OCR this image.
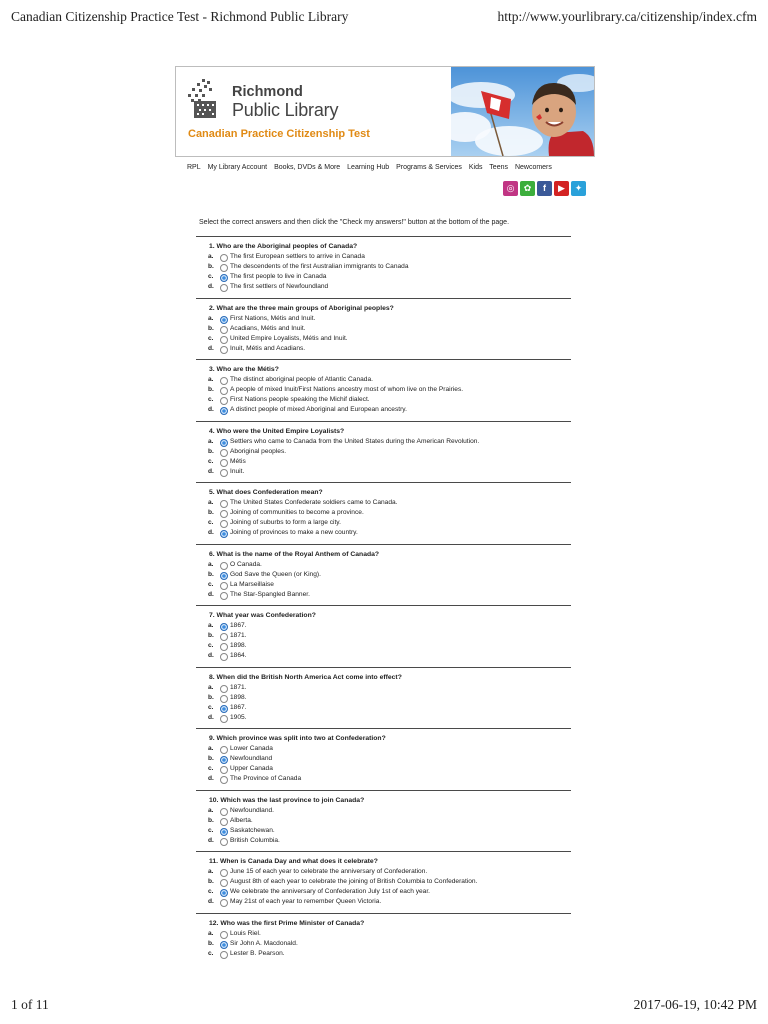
Canadian Citizenship Practice Test - Richmond Public Library	http://www.yourlibrary.ca/citizenship/index.cfm
Richmond
Public Library
Canadian Practice Citizenship Test
RPL My Library Account Books, DVDs & More Learning Hub Programs & Services Kids Teens Newcomers
◎ ✿ f ▶ ✦
Select the correct answers and then click the "Check my answers!" button at the bottom of the page.
1. Who are the Aboriginal peoples of Canada?
a.	The first European settlers to arrive in Canada
b. The descendents of the first Australian immigrants to Canada
c.	The first people to live in Canada
d. The first settlers of Newfoundland
2. What are the three main groups of Aboriginal peoples?
a.	First Nations, Métis and Inuit.
b. Acadians, Métis and Inuit.
c.	United Empire Loyalists, Métis and Inuit.
d. Inuit, Métis and Acadians.
3. Who are the Métis?
a.	The distinct aboriginal people of Atlantic Canada.
b. A people of mixed Inuit/First Nations ancestry most of whom live on the Prairies.
c.	First Nations people speaking the Michif dialect.
d. A distinct people of mixed Aboriginal and European ancestry.
4. Who were the United Empire Loyalists?
a.	Settlers who came to Canada from the United States during the American Revolution.
b. Aboriginal peoples.
c.	Métis
d. Inuit.
5. What does Confederation mean?
a.	The United States Confederate soldiers came to Canada.
b. Joining of communities to become a province.
c.	Joining of suburbs to form a large city.
d. Joining of provinces to make a new country.
6. What is the name of the Royal Anthem of Canada?
a.	O Canada.
b. God Save the Queen (or King).
c.	La Marseillaise
d. The Star-Spangled Banner.
7. What year was Confederation?
a.	1867.
b. 1871.
c.	1898.
d. 1864.
8. When did the British North America Act come into effect?
a.	1871.
b. 1898.
c.	1867.
d. 1905.
9. Which province was split into two at Confederation?
a.	Lower Canada
b. Newfoundland
c.	Upper Canada
d. The Province of Canada
10. Which was the last province to join Canada?
a.	Newfoundland.
b. Alberta.
c.	Saskatchewan.
d. British Columbia.
11. When is Canada Day and what does it celebrate?
a.	June 15 of each year to celebrate the anniversary of Confederation.
b. August 8th of each year to celebrate the joining of British Columbia to Confederation.
c.	We celebrate the anniversary of Confederation July 1st of each year.
d. May 21st of each year to remember Queen Victoria.
12. Who was the first Prime Minister of Canada?
a.	Louis Riel.
b. Sir John A. Macdonald.
c.	Lester B. Pearson.
1 of 11	2017-06-19, 10:42 PM
